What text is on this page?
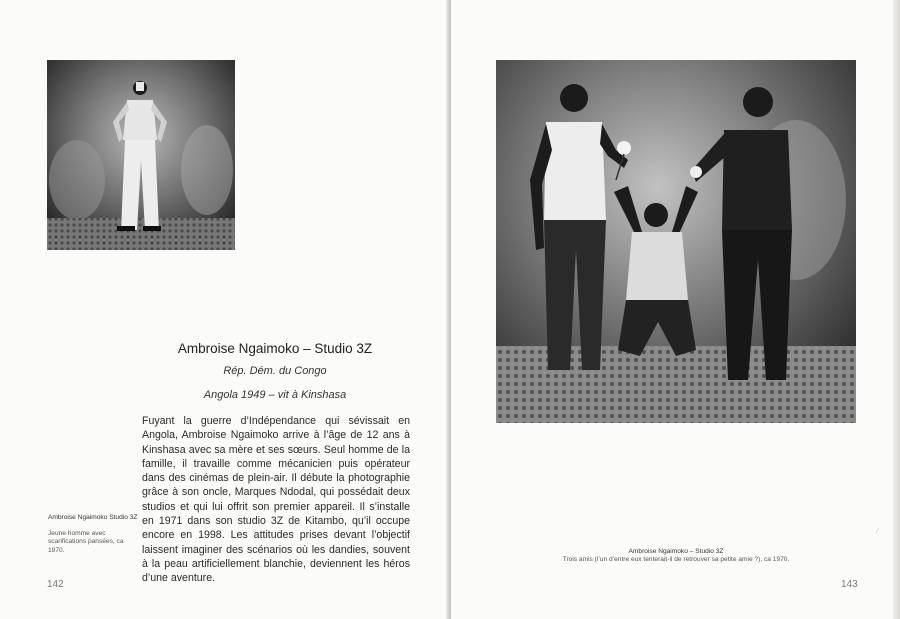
Ambroise Ngaimoko – Studio 3Z
Rép. Dém. du Congo
Angola 1949 – vit à Kinshasa

Fuyant la guerre d’Indépendance qui sévissait en Angola, Ambroise Ngaimoko arrive à l’âge de 12 ans à Kinshasa avec sa mère et ses sœurs. Seul homme de la famille, il travaille comme mécanicien puis opérateur dans des cinémas de plein-air. Il débute la photographie grâce à son oncle, Marques Ndodal, qui possédait deux studios et qui lui offrit son premier appareil. Il s’installe en 1971 dans son studio 3Z de Kitambo, qu’il occupe encore en 1998. Les attitudes prises devant l’objectif laissent imaginer des scénarios où les dandies, souvent à la peau artificiellement blanchie, deviennent les héros d’une aventure.

Ambroise Ngaimoko Studio 3Z
Jeune homme avec scarifications pansées, ca 1970.
142
Ambroise Ngaimoko – Studio 3Z
Trois amis (l’un d’entre eux tenterait-il de retrouver sa petite amie ?), ca 1970.
143
⁄
